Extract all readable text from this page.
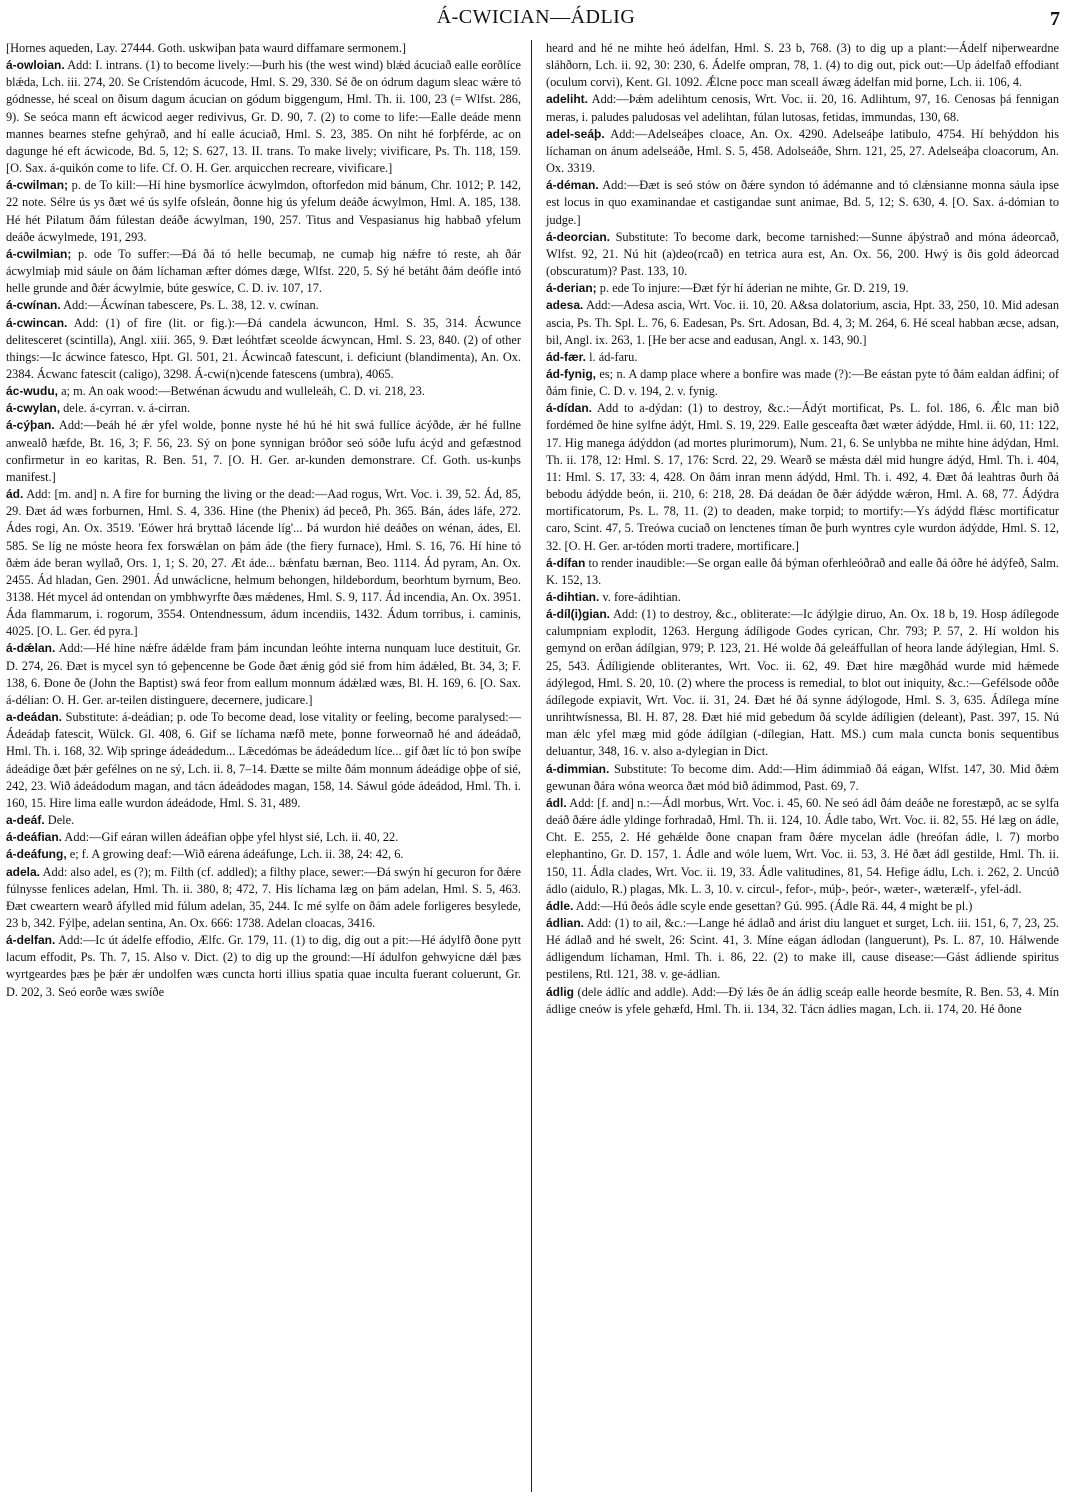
Á-CWICIAN—ÁDLIG	7

[Hornes aqueden, Lay. 27444. Goth. uskwiþan þata waurd diffamare sermonem.]

á-owloian. Add: I. intrans. (1) to become lively:—Þurh his (the west wind) blǽd ácuciað ealle eorðlíce blǽda, Lch. iii. 274, 20. Se Crístendóm ácucode, Hml. S. 29, 330. Sé ðe on ódrum dagum sleac wǽre tó gódnesse, hé sceal on ðisum dagum ácucian on gódum biggengum, Hml. Th. ii. 100, 23 (= Wlfst. 286, 9). Se seóca mann eft ácwicod aeger redivivus, Gr. D. 90, 7. (2) to come to life:—Ealle deáde menn mannes bearnes stefne gehýrað, and hí ealle ácuciað, Hml. S. 23, 385. On niht hé forþférde, ac on dagunge hé eft ácwicode, Bd. 5, 12; S. 627, 13. II. trans. To make lively; vivificare, Ps. Th. 118, 159. [O. Sax. á-quikón come to life. Cf. O. H. Ger. arquicchen recreare, vivificare.]

á-cwilman; p. de To kill:—Hí hine bysmorlíce ácwylmdon, oftorfedon mid bánum, Chr. 1012; P. 142, 22 note. Sélre ús ys ðæt wé ús sylfe ofsleán, ðonne hig ús yfelum deáðe ácwylmon, Hml. A. 185, 138. Hé hét Pilatum ðám fúlestan deáðe ácwylman, 190, 257. Titus and Vespasianus hig habbað yfelum deáðe ácwylmede, 191, 293.

á-cwilmian; p. ode To suffer:—Ðá ðá tó helle becumaþ, ne cumaþ hig nǽfre tó reste, ah ðár ácwylmiaþ mid sáule on ðám líchaman æfter dómes dæge, Wlfst. 220, 5. Sý hé betáht ðám deófle intó helle grunde and ðǽr ácwylmie, búte geswíce, C. D. iv. 107, 17.

á-cwínan. Add:—Ácwínan tabescere, Ps. L. 38, 12. v. cwínan.

á-cwincan. Add: (1) of fire (lit. or fig.):—Ðá candela ácwuncon, Hml. S. 35, 314. Ácwunce delitesceret (scintilla), Angl. xiii. 365, 9. Ðæt leóhtfæt sceolde ácwyncan, Hml. S. 23, 840. (2) of other things:—Ic ácwince fatesco, Hpt. Gl. 501, 21. Ácwincað fatescunt, i. deficiunt (blandimenta), An. Ox. 2384. Ácwanc fatescit (caligo), 3298. Á-cwi(n)cende fatescens (umbra), 4065.

ác-wudu, a; m. An oak wood:—Betwénan ácwudu and wulleleáh, C. D. vi. 218, 23.

á-cwylan, dele. á-cyrran. v. á-cirran.

á-cýþan. Add:—Þeáh hé ǽr yfel wolde, þonne nyste hé hú hé hit swá fullíce ácýðde, ǽr hé fullne anwealð hæfde, Bt. 16, 3; F. 56, 23. Sý on þone synnigan bróðor seó sóðe lufu ácýd and gefæstnod confirmetur in eo karitas, R. Ben. 51, 7. [O. H. Ger. ar-kunden demonstrare. Cf. Goth. us-kunþs manifest.]

ád. Add: [m. and] n. A fire for burning the living or the dead:—Aad rogus, Wrt. Voc. i. 39, 52. Ád, 85, 29. Ðæt ád wæs forburnen, Hml. S. 4, 336. Hine (the Phenix) ád þeceð, Ph. 365. Bán, ádes láfe, 272. Ádes rogi, An. Ox. 3519. 'Eówer hrá bryttað lácende líg'... Þá wurdon hié deáðes on wénan, ádes, El. 585. Se líg ne móste heora fex forswǽlan on þám áde (the fiery furnace), Hml. S. 16, 76. Hí hine tó ðǽm áde beran wyllað, Ors. 1, 1; S. 20, 27. Æt áde... bǽnfatu bærnan, Beo. 1114. Ád pyram, An. Ox. 2455. Ád hladan, Gen. 2901. Ád unwáclicne, helmum behongen, hildebordum, beorhtum byrnum, Beo. 3138. Hét mycel ád ontendan on ymbhwyrfte ðæs mǽdenes, Hml. S. 9, 117. Ád incendia, An. Ox. 3951. Áda flammarum, i. rogorum, 3554. Ontendnessum, ádum incendiis, 1432. Ádum torribus, i. caminis, 4025. [O. L. Ger. éd pyra.]

á-dǽlan. Add:—Hé hine nǽfre ádǽlde fram þám incundan leóhte interna nunquam luce destituit, Gr. D. 274, 26. Ðæt is mycel syn tó geþencenne be Gode ðæt ǽnig gód sié from him ádǽled, Bt. 34, 3; F. 138, 6. Ðone ðe (John the Baptist) swá feor from eallum monnum ádǽlæd wæs, Bl. H. 169, 6. [O. Sax. á-délian: O. H. Ger. ar-teilen distinguere, decernere, judicare.]

a-deádan. Substitute: á-deádian; p. ode To become dead, lose vitality or feeling, become paralysed:—Ádeádaþ fatescit, Wülck. Gl. 408, 6. Gif se líchama næfð mete, þonne forweornað hé and ádeádað, Hml. Th. i. 168, 32. Wiþ springe ádeádedum... Lǣcedómas be ádeádedum líce... gif ðæt líc tó þon swíþe ádeádige ðæt þǽr gefélnes on ne sý, Lch. ii. 8, 7–14. Ðætte se milte ðám monnum ádeádige oþþe of sié, 242, 23. Wið ádeádodum magan, and tácn ádeádodes magan, 158, 14. Sáwul góde ádeádod, Hml. Th. i. 160, 15. Hire lima ealle wurdon ádeádode, Hml. S. 31, 489.

a-deáf. Dele.

á-deáfian. Add:—Gif eáran willen ádeáfian oþþe yfel hlyst sié, Lch. ii. 40, 22.

á-deáfung, e; f. A growing deaf:—Wið eárena ádeáfunge, Lch. ii. 38, 24: 42, 6.

adela. Add: also adel, es (?); m. Filth (cf. addled); a filthy place, sewer:—Ðá swýn hí gecuron for ðǽre fúlnysse fenlices adelan, Hml. Th. ii. 380, 8; 472, 7. His líchama læg on þám adelan, Hml. S. 5, 463. Ðæt cweartern wearð áfylled mid fúlum adelan, 35, 244. Ic mé sylfe on ðám adele forligeres besylede, 23 b, 342. Fýlþe, adelan sentina, An. Ox. 666: 1738. Adelan cloacas, 3416.

á-delfan. Add:—Ic út ádelfe effodio, Ælfc. Gr. 179, 11. (1) to dig, dig out a pit:—Hé ádylfð ðone pytt lacum effodit, Ps. Th. 7, 15. Also v. Dict. (2) to dig up the ground:—Hí ádulfon gehwyicne dǽl þæs wyrtgeardes þæs þe þǽr ǽr undolfen wæs cuncta horti illius spatia quae inculta fuerant coluerunt, Gr. D. 202, 3. Seó eorðe wæs swíðe

heard and hé ne mihte heó ádelfan, Hml. S. 23 b, 768. (3) to dig up a plant:—Ádelf niþerweardne sláhðorn, Lch. ii. 92, 30: 230, 6. Ádelfe ompran, 78, 1. (4) to dig out, pick out:—Up ádelfað effodiant (oculum corvi), Kent. Gl. 1092. Ǽlcne pocc man sceall áwæg ádelfan mid þorne, Lch. ii. 106, 4.

adeliht. Add:—Þǽm adelihtum cenosis, Wrt. Voc. ii. 20, 16. Adlihtum, 97, 16. Cenosas þá fennigan meras, i. paludes paludosas vel adelihtan, fúlan lutosas, fetidas, immundas, 130, 68.

adel-seáþ. Add:—Adelseáþes cloace, An. Ox. 4290. Adelseáþe latibulo, 4754. Hí behýddon his líchaman on ánum adelseáðe, Hml. S. 5, 458. Adolseáðe, Shrn. 121, 25, 27. Adelseáþa cloacorum, An. Ox. 3319.

á-déman. Add:—Ðæt is seó stów on ðǽre syndon tó ádémanne and tó clǽnsianne monna sáula ipse est locus in quo examinandae et castigandae sunt animae, Bd. 5, 12; S. 630, 4. [O. Sax. á-dómian to judge.]

á-deorcian. Substitute: To become dark, become tarnished:—Sunne áþýstrað and móna ádeorcað, Wlfst. 92, 21. Nú hit (a)deo(rcað) en tetrica aura est, An. Ox. 56, 200. Hwý is ðis gold ádeorcad (obscuratum)? Past. 133, 10.

á-derian; p. ede To injure:—Ðæt fýr hí áderian ne mihte, Gr. D. 219, 19.

adesa. Add:—Adesa ascia, Wrt. Voc. ii. 10, 20. A&sa dolatorium, ascia, Hpt. 33, 250, 10. Mid adesan ascia, Ps. Th. Spl. L. 76, 6. Eadesan, Ps. Srt. Adosan, Bd. 4, 3; M. 264, 6. Hé sceal habban æcse, adsan, bil, Angl. ix. 263, 1. [He ber acse and eadusan, Angl. x. 143, 90.]

ád-fær. l. ád-faru.

ád-fynig, es; n. A damp place where a bonfire was made (?):—Be eástan pyte tó ðám ealdan ádfini; of ðám finie, C. D. v. 194, 2. v. fynig.

á-dídan. Add to a-dýdan: (1) to destroy, &c.:—Ádýt mortificat, Ps. L. fol. 186, 6. Ǽlc man bið fordémed ðe hine sylfne ádýt, Hml. S. 19, 229. Ealle gesceafta ðæt wæter ádýdde, Hml. ii. 60, 11: 122, 17. Hig manega ádýddon (ad mortes plurimorum), Num. 21, 6. Se unlybba ne mihte hine ádýdan, Hml. Th. ii. 178, 12: Hml. S. 17, 176: Scrd. 22, 29. Wearð se mǽsta dǽl mid hungre ádýd, Hml. Th. i. 404, 11: Hml. S. 17, 33: 4, 428. On ðám inran menn ádýdd, Hml. Th. i. 492, 4. Ðæt ðá leahtras ðurh ðá bebodu ádýdde beón, ii. 210, 6: 218, 28. Ðá deádan ðe ðǽr ádýdde wǽron, Hml. A. 68, 77. Ádýdra mortificatorum, Ps. L. 78, 11. (2) to deaden, make torpid; to mortify:—Ys ádýdd flǽsc mortificatur caro, Scint. 47, 5. Treówa cuciað on lenctenes tíman ðe þurh wyntres cyle wurdon ádýdde, Hml. S. 12, 32. [O. H. Ger. ar-tóden morti tradere, mortificare.]

á-dífan to render inaudible:—Se organ ealle ðá býman oferhleóðrað and ealle ðá óðre hé ádýfeð, Salm. K. 152, 13.

á-dihtian. v. fore-ádihtian.

á-díl(i)gian. Add: (1) to destroy, &c., obliterate:—Ic ádýlgie diruo, An. Ox. 18 b, 19. Hosp ádílegode calumpniam explodit, 1263. Hergung ádíligode Godes cyrican, Chr. 793; P. 57, 2. Hí woldon his gemynd on erðan ádílgian, 979; P. 123, 21. Hé wolde ðá geleáffullan of heora lande ádýlegian, Hml. S. 25, 543. Ádíligiende obliterantes, Wrt. Voc. ii. 62, 49. Ðæt hire mægðhád wurde mid hǽmede ádýlegod, Hml. S. 20, 10. (2) where the process is remedial, to blot out iniquity, &c.:—Gefélsode oððe ádílegode expiavit, Wrt. Voc. ii. 31, 24. Ðæt hé ðá synne ádýlogode, Hml. S. 3, 635. Ádílega míne unrihtwísnessa, Bl. H. 87, 28. Ðæt hié mid gebedum ðá scylde ádíligien (deleant), Past. 397, 15. Nú man ǽlc yfel mæg mid góde ádílgian (-dílegian, Hatt. MS.) cum mala cuncta bonis sequentibus deluantur, 348, 16. v. also a-dylegian in Dict.

á-dimmian. Substitute: To become dim. Add:—Him ádimmiað ðá eágan, Wlfst. 147, 30. Mid ðǽm gewunan ðára wóna weorca ðæt mód bið ádimmod, Past. 69, 7.

ádl. Add: [f. and] n.:—Ádl morbus, Wrt. Voc. i. 45, 60. Ne seó ádl ðám deáðe ne forestæpð, ac se sylfa deáð ðǽre ádle yldinge forhradað, Hml. Th. ii. 124, 10. Ádle tabo, Wrt. Voc. ii. 82, 55. Hé læg on ádle, Cht. E. 255, 2. Hé gehǽlde ðone cnapan fram ðǽre mycelan ádle (hreófan ádle, l. 7) morbo elephantino, Gr. D. 157, 1. Ádle and wóle luem, Wrt. Voc. ii. 53, 3. Hé ðæt ádl gestilde, Hml. Th. ii. 150, 11. Ádla clades, Wrt. Voc. ii. 19, 33. Ádle valitudines, 81, 54. Hefige ádlu, Lch. i. 262, 2. Uncúð ádlo (aidulo, R.) plagas, Mk. L. 3, 10. v. circul-, fefor-, múþ-, þeór-, wæter-, wæterælf-, yfel-ádl.

ádle. Add:—Hú ðeós ádle scyle ende gesettan? Gú. 995. (Ádle Rä. 44, 4 might be pl.)

ádlian. Add: (1) to ail, &c.:—Lange hé ádlað and árist diu languet et surget, Lch. iii. 151, 6, 7, 23, 25. Hé ádlað and hé swelt, 26: Scint. 41, 3. Míne eágan ádlodan (languerunt), Ps. L. 87, 10. Hálwende ádligendum líchaman, Hml. Th. i. 86, 22. (2) to make ill, cause disease:—Gást ádliende spiritus pestilens, Rtl. 121, 38. v. ge-ádlian.

ádlig (dele ádlíc and addle). Add:—Ðý lǽs ðe án ádlig sceáp ealle heorde besmíte, R. Ben. 53, 4. Mín ádlige cneów is yfele gehæfd, Hml. Th. ii. 134, 32. Tácn ádlies magan, Lch. ii. 174, 20. Hé ðone
